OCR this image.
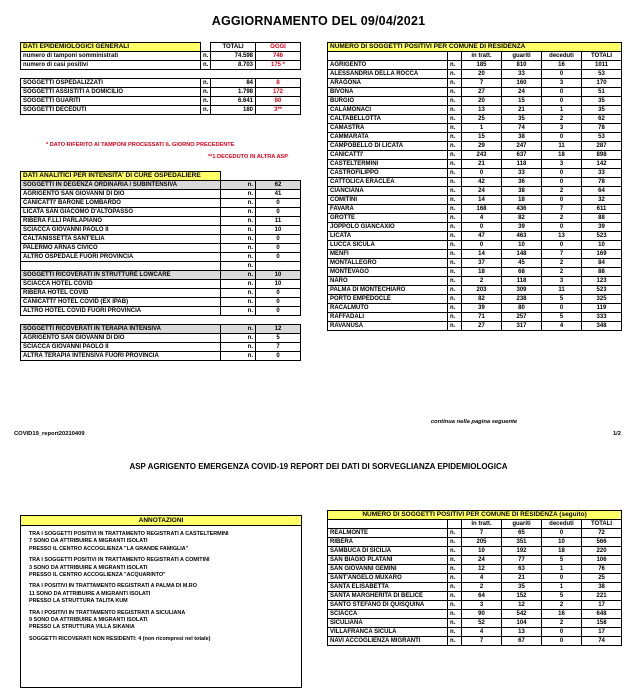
AGGIORNAMENTO DEL 09/04/2021
DATI EPIDEMIOLOGICI GENERALI		TOTALI	OGGI
numero di tamponi somministrati	n.	74.598	746
numero di casi positivi	n.	8.703	175 *

SOGGETTI OSPEDALIZZATI	n.	84	8
SOGGETTI ASSISTITI A DOMICILIO	n.	1.798	172
SOGGETTI GUARITI	n.	6.641	80
SOGGETTI DECEDUTI	n.	180	3**
* DATO RIFERITO AI TAMPONI PROCESSATI IL GIORNO PRECEDENTE
**1 DECEDUTO IN ALTRA ASP
DATI ANALITICI PER INTENSITA' DI CURE OSPEDALIERE		
SOGGETTI IN DEGENZA ORDINARIA / SUBINTENSIVA	n.	62
AGRIGENTO SAN GIOVANNI DI DIO	n.	41
CANICATTI' BARONE LOMBARDO	n.	0
LICATA SAN GIACOMO D'ALTOPASSO	n.	0
RIBERA F.LLI PARLAPIANO	n.	11
SCIACCA GIOVANNI PAOLO II	n.	10
CALTANISSETTA SANT'ELIA	n.	0
PALERMO ARNAS CIVICO	n.	0
ALTRO OSPEDALE FUORI PROVINCIA	n.	0
	n.	
SOGGETTI RICOVERATI IN STRUTTURE LOWCARE	n.	10
SCIACCA HOTEL COVID	n.	10
RIBERA HOTEL COVID	n.	0
CANICATTI' HOTEL COVID (EX IPAB)	n.	0
ALTRO HOTEL COVID FUORI PROVINCIA	n.	0

SOGGETTI RICOVERATI IN TERAPIA INTENSIVA	n.	12
AGRIGENTO SAN GIOVANNI DI DIO	n.	5
SCIACCA GIOVANNI PAOLO II	n.	7
ALTRA TERAPIA INTENSIVA FUORI PROVINCIA	n.	0
NUMERO DI SOGGETTI POSITIVI PER COMUNE DI RESIDENZA					
		in tratt.	guariti	deceduti	TOTALI
AGRIGENTO	n.	185	810	16	1011
ALESSANDRIA DELLA ROCCA	n.	20	33	0	53
ARAGONA	n.	7	160	3	170
BIVONA	n.	27	24	0	51
BURGIO	n.	20	15	0	35
CALAMONACI	n.	13	21	1	35
CALTABELLOTTA	n.	25	35	2	62
CAMASTRA	n.	1	74	3	78
CAMMARATA	n.	15	38	0	53
CAMPOBELLO DI LICATA	n.	29	247	11	287
CANICATTI'	n.	243	637	18	898
CASTELTERMINI	n.	21	118	3	142
CASTROFILIPPO	n.	0	33	0	33
CATTOLICA ERACLEA	n.	42	36	0	78
CIANCIANA	n.	24	38	2	64
COMITINI	n.	14	18	0	32
FAVARA	n.	168	436	7	611
GROTTE	n.	4	82	2	88
JOPPOLO GIANCAXIO	n.	0	39	0	39
LICATA	n.	47	463	13	523
LUCCA SICULA	n.	0	10	0	10
MENFI	n.	14	148	7	169
MONTALLEGRO	n.	37	45	2	84
MONTEVAGO	n.	18	68	2	88
NARO	n.	2	118	3	123
PALMA DI MONTECHIARO	n.	203	309	11	523
PORTO EMPEDOCLE	n.	82	238	5	325
RACALMUTO	n.	39	80	0	119
RAFFADALI	n.	71	257	5	333
RAVANUSA	n.	27	317	4	348
continua nella pagina seguente
COVID19_report20210409	1/2
ASP AGRIGENTO EMERGENZA COVID-19 REPORT DEI DATI DI SORVEGLIANZA EPIDEMIOLOGICA
ANNOTAZIONI
TRA I SOGGETTI POSITIVI IN TRATTAMENTO REGISTRATI A CASTELTERMINI
7 SONO DA ATTRIBUIRE A MIGRANTI ISOLATI
PRESSO IL CENTRO ACCOGLIENZA "LA GRANDE FAMIGLIA"
TRA I SOGGETTI POSITIVI IN TRATTAMENTO REGISTRATI A COMITINI
3 SONO DA ATTRIBUIRE A MIGRANTI ISOLATI
PRESSO IL CENTRO ACCOGLIENZA "ACQUARINTO"
TRA I POSITIVI IN TRATTAMENTO REGISTRATI A PALMA DI M.RO
11 SONO DA ATTRIBUIRE A MIGRANTI ISOLATI
PRESSO LA STRUTTURA TALITA KUM
TRA I POSITIVI IN TRATTAMENTO REGISTRATI A SICULIANA
9 SONO DA ATTRIBUIRE A MIGRANTI ISOLATI
PRESSO LA STRUTTURA VILLA SIKANIA
SOGGETTI RICOVERATI NON RESIDENTI: 4 (non ricompresi nel totale)
NUMERO DI SOGGETTI POSITIVI PER COMUNE DI RESIDENZA (seguito)					
		in tratt.	guariti	deceduti	TOTALI
REALMONTE	n.	7	65	0	72
RIBERA	n.	205	351	10	566
SAMBUCA DI SICILIA	n.	10	192	18	220
SAN BIAGIO PLATANI	n.	24	77	5	106
SAN GIOVANNI GEMINI	n.	12	63	1	76
SANT'ANGELO MUXARO	n.	4	21	0	25
SANTA ELISABETTA	n.	2	35	1	38
SANTA MARGHERITA DI BELICE	n.	64	152	5	221
SANTO STEFANO DI QUISQUINA	n.	3	12	2	17
SCIACCA	n.	90	542	16	648
SICULIANA	n.	52	104	2	158
VILLAFRANCA SICULA	n.	4	13	0	17
NAVI ACCOGLIENZA MIGRANTI	n.	7	67	0	74
